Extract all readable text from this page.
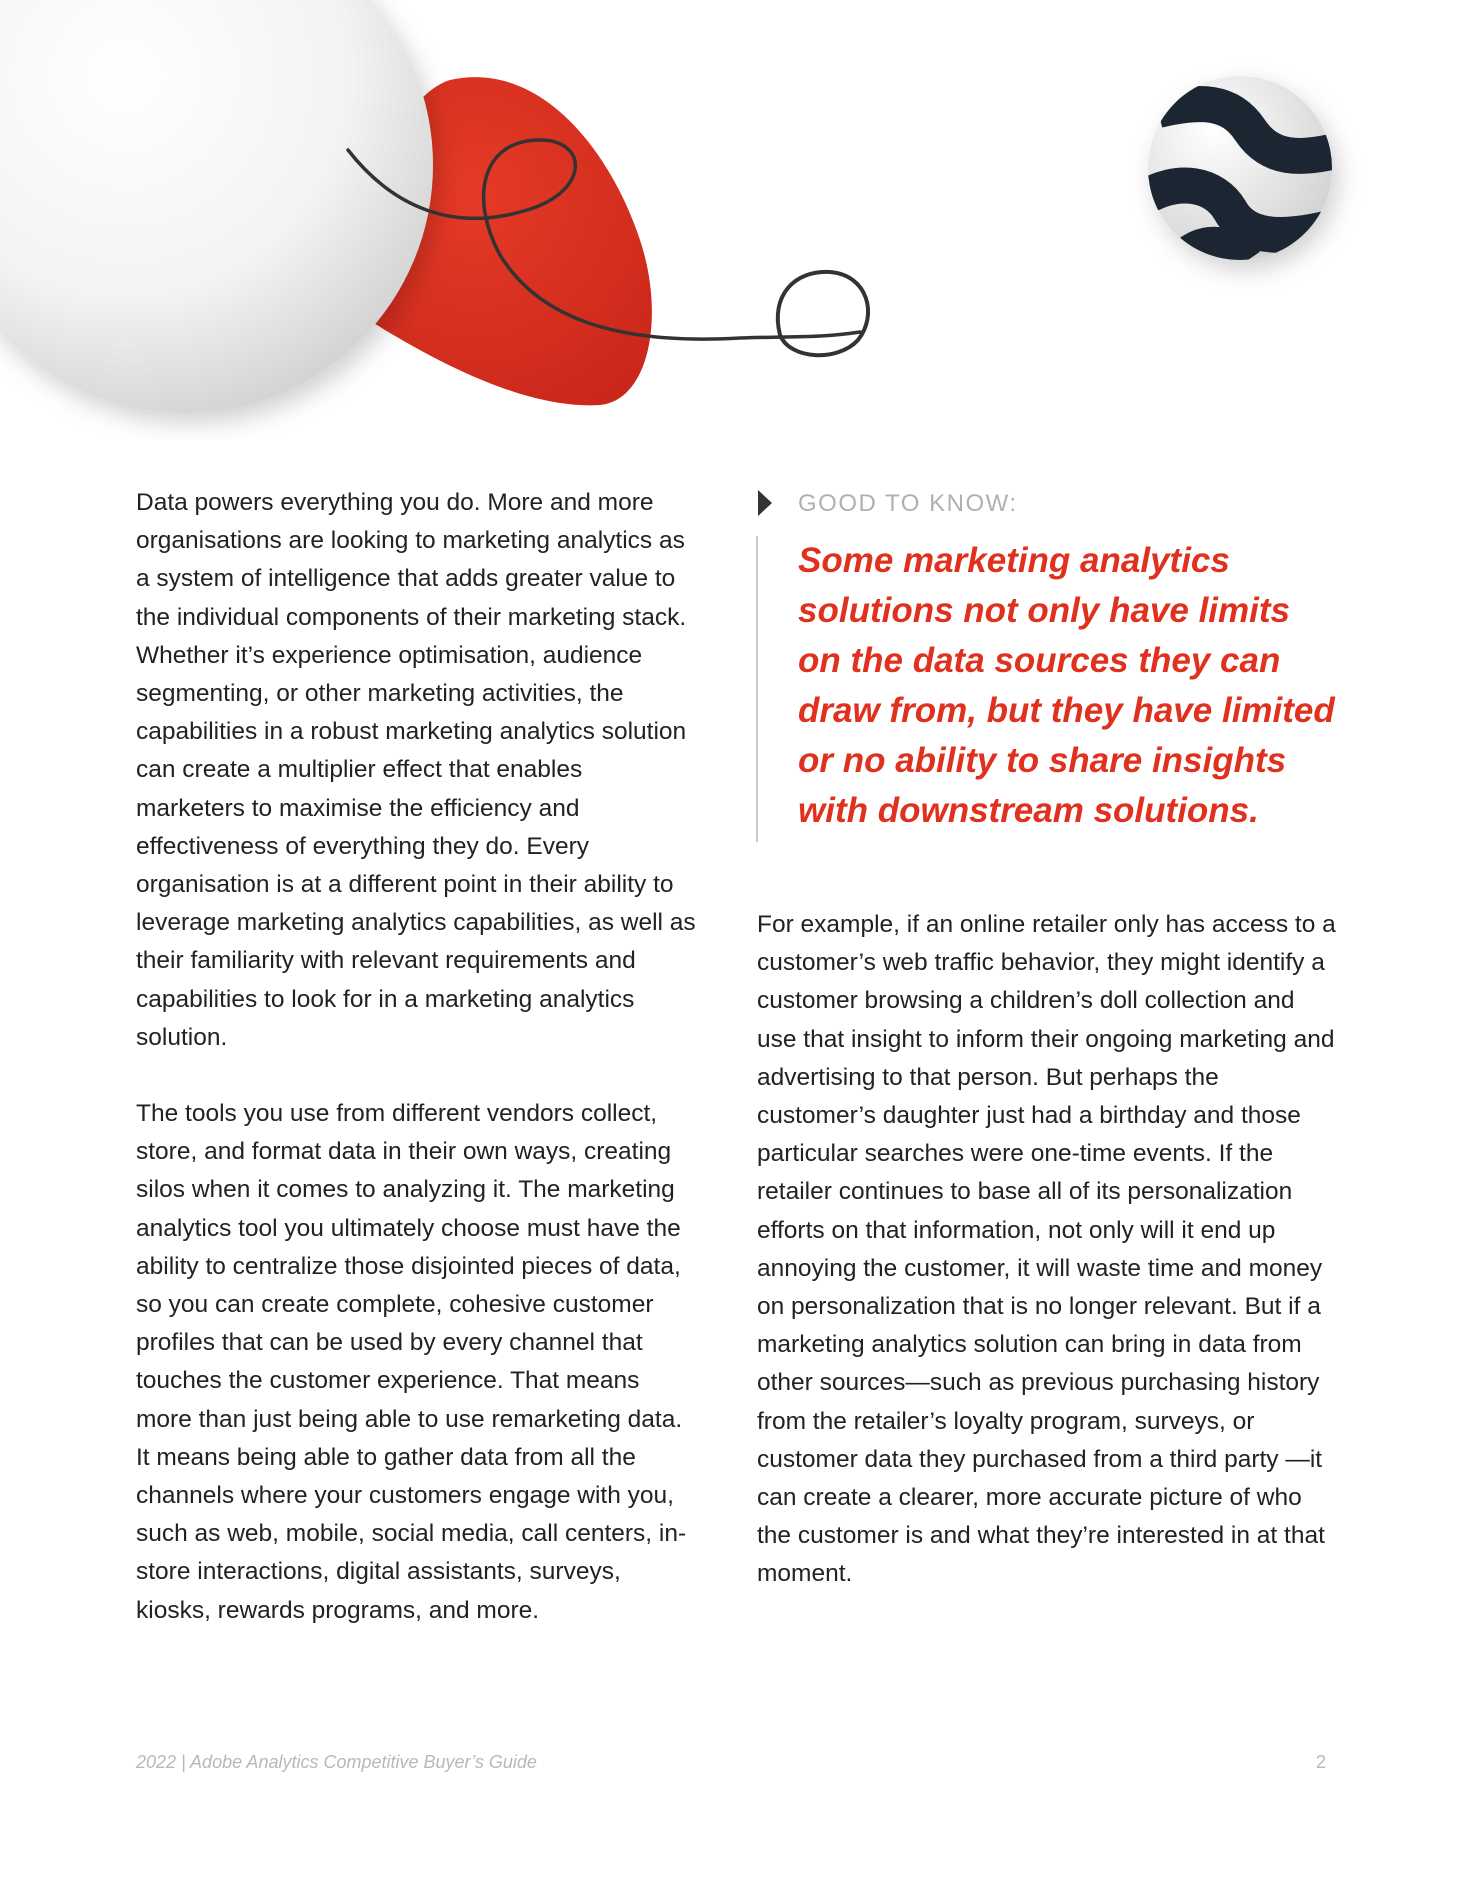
Data powers everything you do. More and more organisations are looking to marketing analytics as a system of intelligence that adds greater value to the individual components of their marketing stack. Whether it’s experience optimisation, audience segmenting, or other marketing activities, the capabilities in a robust marketing analytics solution can create a multiplier effect that enables marketers to maximise the efficiency and effectiveness of everything they do. Every organisation is at a different point in their ability to leverage marketing analytics capabilities, as well as their familiarity with relevant requirements and capabilities to look for in a marketing analytics solution.

The tools you use from different vendors collect, store, and format data in their own ways, creating silos when it comes to analyzing it. The marketing analytics tool you ultimately choose must have the ability to centralize those disjointed pieces of data, so you can create complete, cohesive customer profiles that can be used by every channel that touches the customer experience. That means more than just being able to use remarketing data. It means being able to gather data from all the channels where your customers engage with you, such as web, mobile, social media, call centers, in-store interactions, digital assistants, surveys, kiosks, rewards programs, and more.

GOOD TO KNOW:

Some marketing analytics solutions not only have limits on the data sources they can draw from, but they have limited or no ability to share insights with downstream solutions.

For example, if an online retailer only has access to a customer’s web traffic behavior, they might identify a customer browsing a children’s doll collection and use that insight to inform their ongoing marketing and advertising to that person. But perhaps the customer’s daughter just had a birthday and those particular searches were one-time events. If the retailer continues to base all of its personalization efforts on that information, not only will it end up annoying the customer, it will waste time and money on personalization that is no longer relevant. But if a marketing analytics solution can bring in data from other sources—such as previous purchasing history from the retailer’s loyalty program, surveys, or customer data they purchased from a third party —it can create a clearer, more accurate picture of who the customer is and what they’re interested in at that moment.

2022 | Adobe Analytics Competitive Buyer’s Guide	2
